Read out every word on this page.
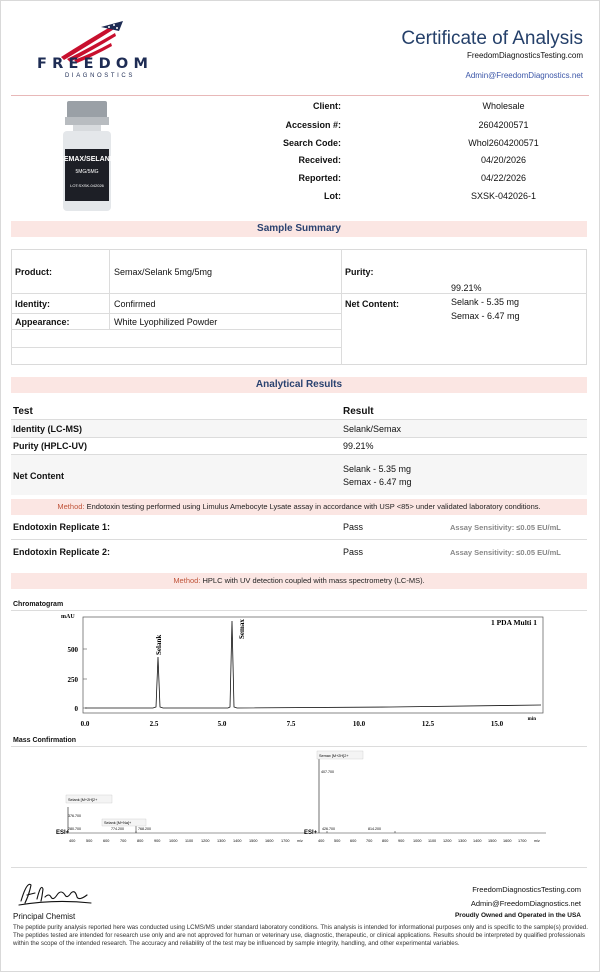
FREEDOM
DIAGNOSTICS
Certificate of Analysis
FreedomDiagnosticsTesting.com
Admin@FreedomDiagnostics.net
SEMAX/SELANK
5MG/5MG
LOT:SXSK-042026
Client:	Wholesale
Accession #:	2604200571
Search Code:	Whol2604200571
Received:	04/20/2026
Reported:	04/22/2026
Lot:	SXSK-042026-1
Sample Summary
Product:	Semax/Selank 5mg/5mg	Purity:
99.21%
Identity:	Confirmed	Net Content:	Selank - 5.35 mg
Semax - 6.47 mg
Appearance:	White Lyophilized Powder
Analytical Results
Test	Result
Identity (LC-MS)	Selank/Semax
Purity (HPLC-UV)	99.21%
Net Content
Selank - 5.35 mg
Semax - 6.47 mg
Method: Endotoxin testing performed using Limulus Amebocyte Lysate assay in accordance with USP <85> under validated laboratory conditions.
Endotoxin Replicate 1:	Pass	Assay Sensitivity: ≤0.05 EU/mL
Endotoxin Replicate 2:	Pass	Assay Sensitivity: ≤0.05 EU/mL
Method: HPLC with UV detection coupled with mass spectrometry (LC-MS).
Chromatogram
mAU
1 PDA Multi 1
500
250
0
0.0	2.5	5.0	7.5	10.0	12.5	15.0
min
Selank
Semax
Mass Confirmation
ESI+
280.700
Selank [M+2H]2+
376.700
774.200
Selank [M+Na]+
768.200
400	500	600	700	800	900 1000 1100 1200 1300 1400 1500 1600 1700 m/z
ESI+
Semax [M+2H]2+
407.700
426.700	814.200
400	500	600	700	800	900 1000 1100 1200 1300 1400 1500 1600 1700 m/z
Principal Chemist
FreedomDiagnosticsTesting.com
Admin@FreedomDiagnostics.net
Proudly Owned and Operated in the USA
The peptide purity analysis reported here was conducted using LCMS/MS under standard laboratory conditions. This analysis is intended for informational purposes only and is specific to the sample(s) provided. The peptides tested are intended for research use only and are not approved for human or veterinary use, diagnostic, therapeutic, or clinical applications. Results should be interpreted by qualified professionals within the scope of the intended research. The accuracy and reliability of the test may be influenced by sample integrity, handling, and other experimental variables.
